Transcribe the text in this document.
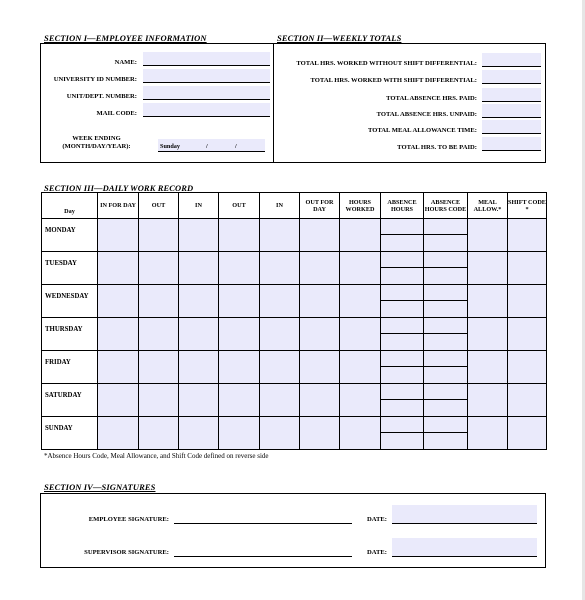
SECTION I—EMPLOYEE INFORMATION	SECTION II—WEEKLY TOTALS
NAME:
UNIVERSITY ID NUMBER:
UNIT/DEPT. NUMBER:
MAIL CODE:
WEEK ENDING
(MONTH/DAY/YEAR):	Sunday	/	/
TOTAL HRS. WORKED WITHOUT SHIFT DIFFERENTIAL:
TOTAL HRS. WORKED WITH SHIFT DIFFERENTIAL:
TOTAL ABSENCE HRS. PAID:
TOTAL ABSENCE HRS. UNPAID:
TOTAL MEAL ALLOWANCE TIME:
TOTAL HRS. TO BE PAID:
SECTION III—DAILY WORK RECORD
Day	IN FOR DAY	OUT	IN	OUT	IN	OUT FOR DAY	HOURS WORKED	ABSENCE HOURS	ABSENCE HOURS CODE	MEAL ALLOW.*	SHIFT CODE *
MONDAY								

TUESDAY								

WEDNESDAY								

THURSDAY								

FRIDAY								

SATURDAY								

SUNDAY								

*Absence Hours Code, Meal Allowance, and Shift Code defined on reverse side
SECTION IV—SIGNATURES
EMPLOYEE SIGNATURE:	DATE:
SUPERVISOR SIGNATURE:	DATE:
